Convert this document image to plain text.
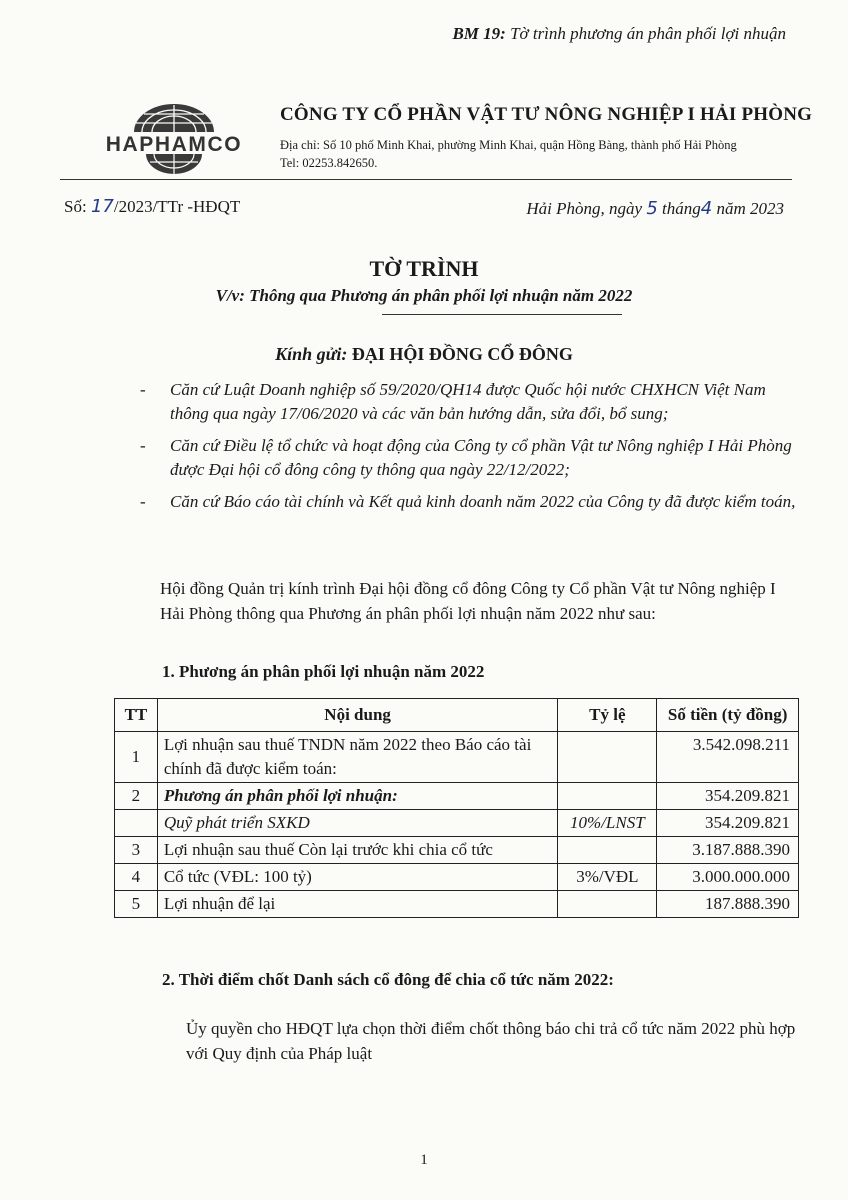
BM 19: Tờ trình phương án phân phối lợi nhuận
HAPHAMCO
CÔNG TY CỔ PHẦN VẬT TƯ NÔNG NGHIỆP I HẢI PHÒNG
Địa chỉ: Số 10 phố Minh Khai, phường Minh Khai, quận Hồng Bàng, thành phố Hải Phòng
Tel: 02253.842650.
Số: 17/2023/TTr -HĐQT	Hải Phòng, ngày 5 tháng4 năm 2023
TỜ TRÌNH
V/v: Thông qua Phương án phân phối lợi nhuận năm 2022
Kính gửi: ĐẠI HỘI ĐỒNG CỔ ĐÔNG
- Căn cứ Luật Doanh nghiệp số 59/2020/QH14 được Quốc hội nước CHXHCN Việt Nam thông qua ngày 17/06/2020 và các văn bản hướng dẫn, sửa đổi, bổ sung;
- Căn cứ Điều lệ tổ chức và hoạt động của Công ty cổ phần Vật tư Nông nghiệp I Hải Phòng được Đại hội cổ đông công ty thông qua ngày 22/12/2022;
- Căn cứ Báo cáo tài chính và Kết quả kinh doanh năm 2022 của Công ty đã được kiểm toán,

Hội đồng Quản trị kính trình Đại hội đồng cổ đông Công ty Cổ phần Vật tư Nông nghiệp I Hải Phòng thông qua Phương án phân phối lợi nhuận năm 2022 như sau:

1. Phương án phân phối lợi nhuận năm 2022
TT	Nội dung	Tỷ lệ	Số tiền (tỷ đồng)
1	Lợi nhuận sau thuế TNDN năm 2022 theo Báo cáo tài chính đã được kiểm toán:		3.542.098.211
2	Phương án phân phối lợi nhuận:		354.209.821
	Quỹ phát triển SXKD	10%/LNST	354.209.821
3	Lợi nhuận sau thuế Còn lại trước khi chia cổ tức		3.187.888.390
4	Cổ tức (VĐL: 100 tỷ)	3%/VĐL	3.000.000.000
5	Lợi nhuận để lại		187.888.390
2. Thời điểm chốt Danh sách cổ đông để chia cổ tức năm 2022:

Ủy quyền cho HĐQT lựa chọn thời điểm chốt thông báo chi trả cổ tức năm 2022 phù hợp với Quy định của Pháp luật

1
